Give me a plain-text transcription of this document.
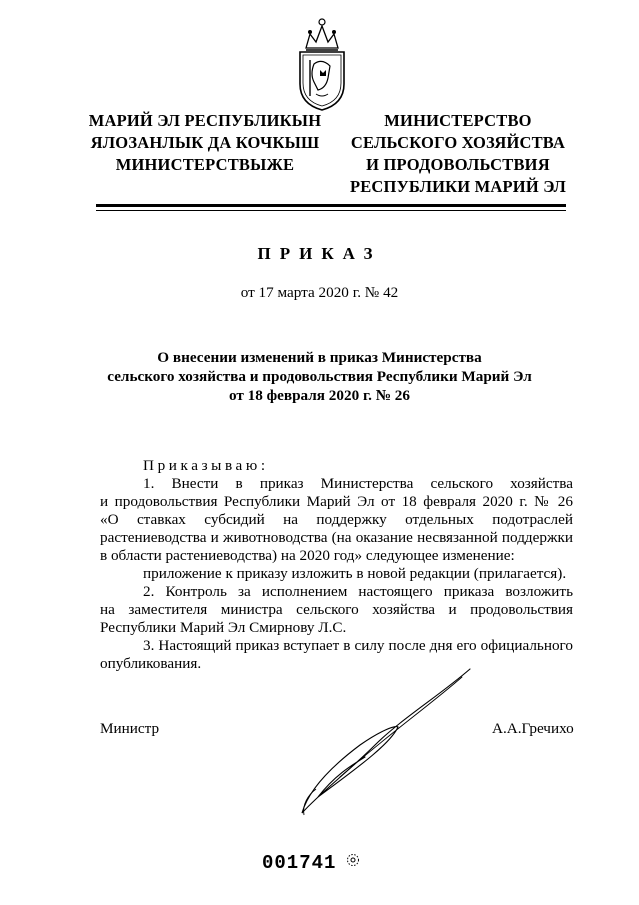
МАРИЙ ЭЛ РЕСПУБЛИКЫН
ЯЛОЗАНЛЫК ДА КОЧКЫШ
МИНИСТЕРСТВЫЖЕ
МИНИСТЕРСТВО
СЕЛЬСКОГО ХОЗЯЙСТВА
И ПРОДОВОЛЬСТВИЯ
РЕСПУБЛИКИ МАРИЙ ЭЛ
ПРИКАЗ
от 17 марта 2020 г. № 42
О внесении изменений в приказ Министерства
сельского хозяйства и продовольствия Республики Марий Эл
от 18 февраля 2020 г. № 26
Приказываю:
1. Внести в приказ Министерства сельского хозяйства
и продовольствия Республики Марий Эл от 18 февраля 2020 г. № 26
«О ставках субсидий на поддержку отдельных подотраслей
растениеводства и животноводства (на оказание несвязанной поддержки
в области растениеводства) на 2020 год» следующее изменение:
приложение к приказу изложить в новой редакции (прилагается).
2. Контроль за исполнением настоящего приказа возложить
на заместителя министра сельского хозяйства и продовольствия
Республики Марий Эл Смирнову Л.С.
3. Настоящий приказ вступает в силу после дня его официального
опубликования.
Министр	А.А.Гречихо
001741
